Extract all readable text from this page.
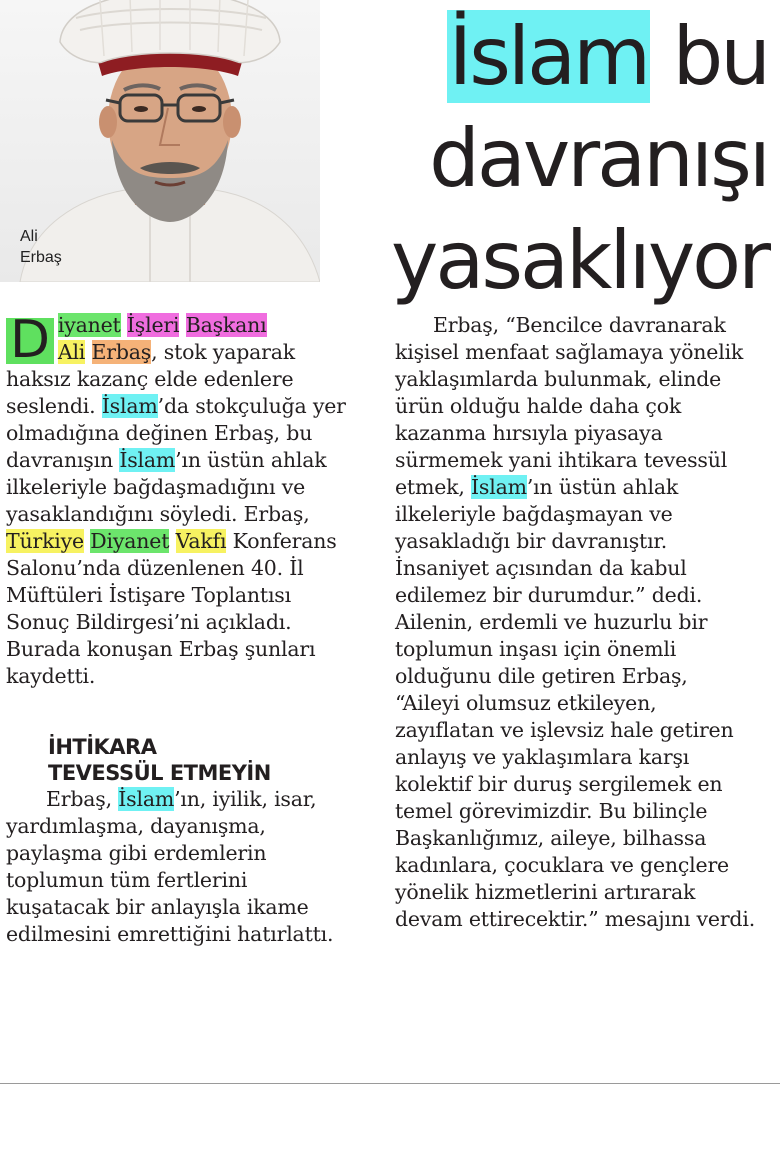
Ali
Erbaş
İslam bu davranışı yasaklıyor

D iyanet İşleri Başkanı
Ali Erbaş, stok yaparak haksız kazanç elde edenlere seslendi. İslam’da stokçuluğa yer olmadığına değinen Erbaş, bu davranışın İslam’ın üstün ahlak ilkeleriyle bağdaşmadığını ve yasaklandığını söyledi. Erbaş, Türkiye Diyanet Vakfı Konferans Salonu’nda düzenlenen 40. İl Müftüleri İstişare Toplantısı Sonuç Bildirgesi’ni açıkladı. Burada konuşan Erbaş şunları kaydetti.

İHTİKARA
TEVESSÜL ETMEYİN

Erbaş, İslam’ın, iyilik, isar, yardımlaşma, dayanışma, paylaşma gibi erdemlerin toplumun tüm fertlerini kuşatacak bir anlayışla ikame edilmesini emrettiğini hatırlattı.

Erbaş, “Bencilce davranarak kişisel menfaat sağlamaya yönelik yaklaşımlarda bulunmak, elinde ürün olduğu halde daha çok kazanma hırsıyla piyasaya sürmemek yani ihtikara tevessül etmek, İslam’ın üstün ahlak ilkeleriyle bağdaşmayan ve yasakladığı bir davranıştır. İnsaniyet açısından da kabul edilemez bir durumdur.” dedi. Ailenin, erdemli ve huzurlu bir toplumun inşası için önemli olduğunu dile getiren Erbaş, “Aileyi olumsuz etkileyen, zayıflatan ve işlevsiz hale getiren anlayış ve yaklaşımlara karşı kolektif bir duruş sergilemek en temel görevimizdir. Bu bilinçle Başkanlığımız, aileye, bilhassa kadınlara, çocuklara ve gençlere yönelik hizmetlerini artırarak devam ettirecektir.” mesajını verdi.
